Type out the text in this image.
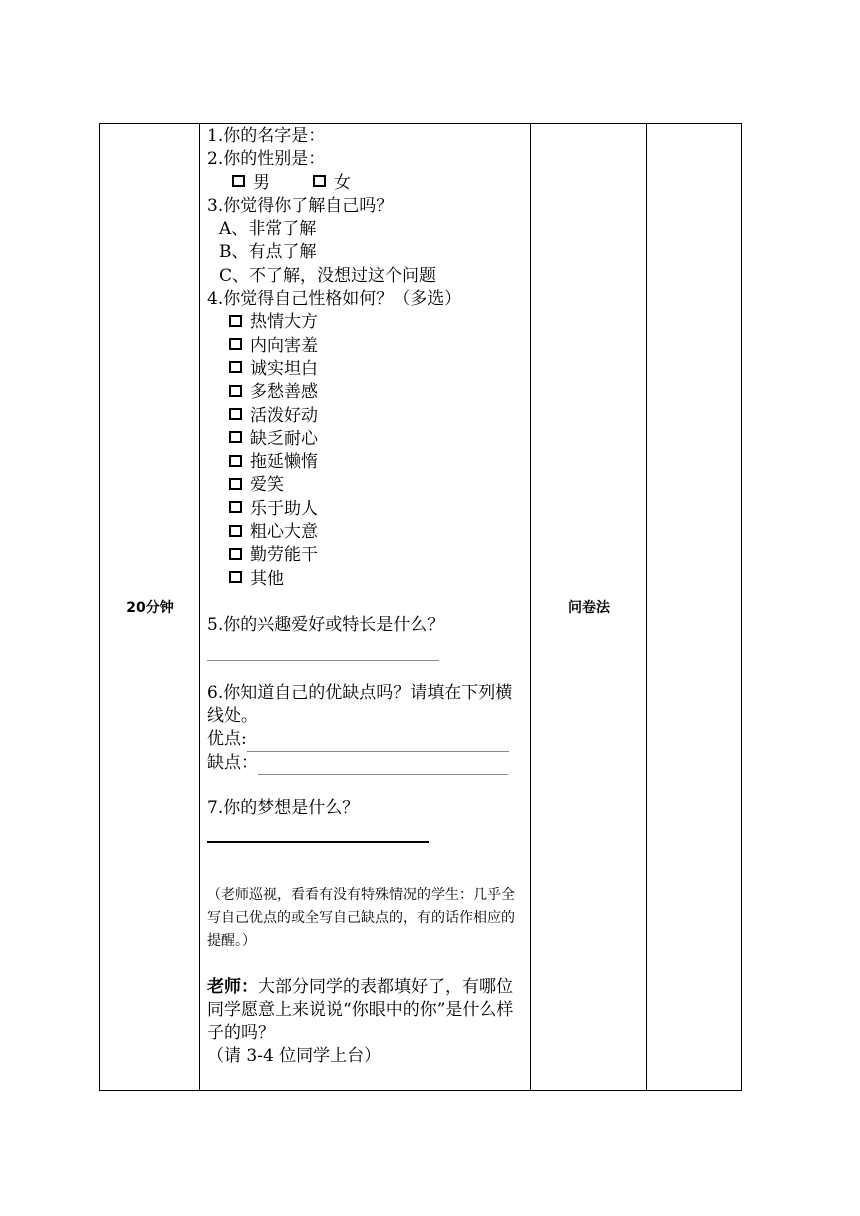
20分钟
1.你的名字是：
2.你的性别是：
男	女
3.你觉得你了解自己吗？
A、非常了解
B、有点了解
C、不了解，没想过这个问题
4.你觉得自己性格如何？（多选）
热情大方
内向害羞
诚实坦白
多愁善感
活泼好动
缺乏耐心
拖延懒惰
爱笑
乐于助人
粗心大意
勤劳能干
其他
5.你的兴趣爱好或特长是什么？
6.你知道自己的优缺点吗？请填在下列横线处。
优点:
缺点：
7.你的梦想是什么？
（老师巡视，看看有没有特殊情况的学生：几乎全写自己优点的或全写自己缺点的，有的话作相应的提醒。）
老师：大部分同学的表都填好了，有哪位同学愿意上来说说“你眼中的你”是什么样子的吗？
（请 3-4 位同学上台）
问卷法
